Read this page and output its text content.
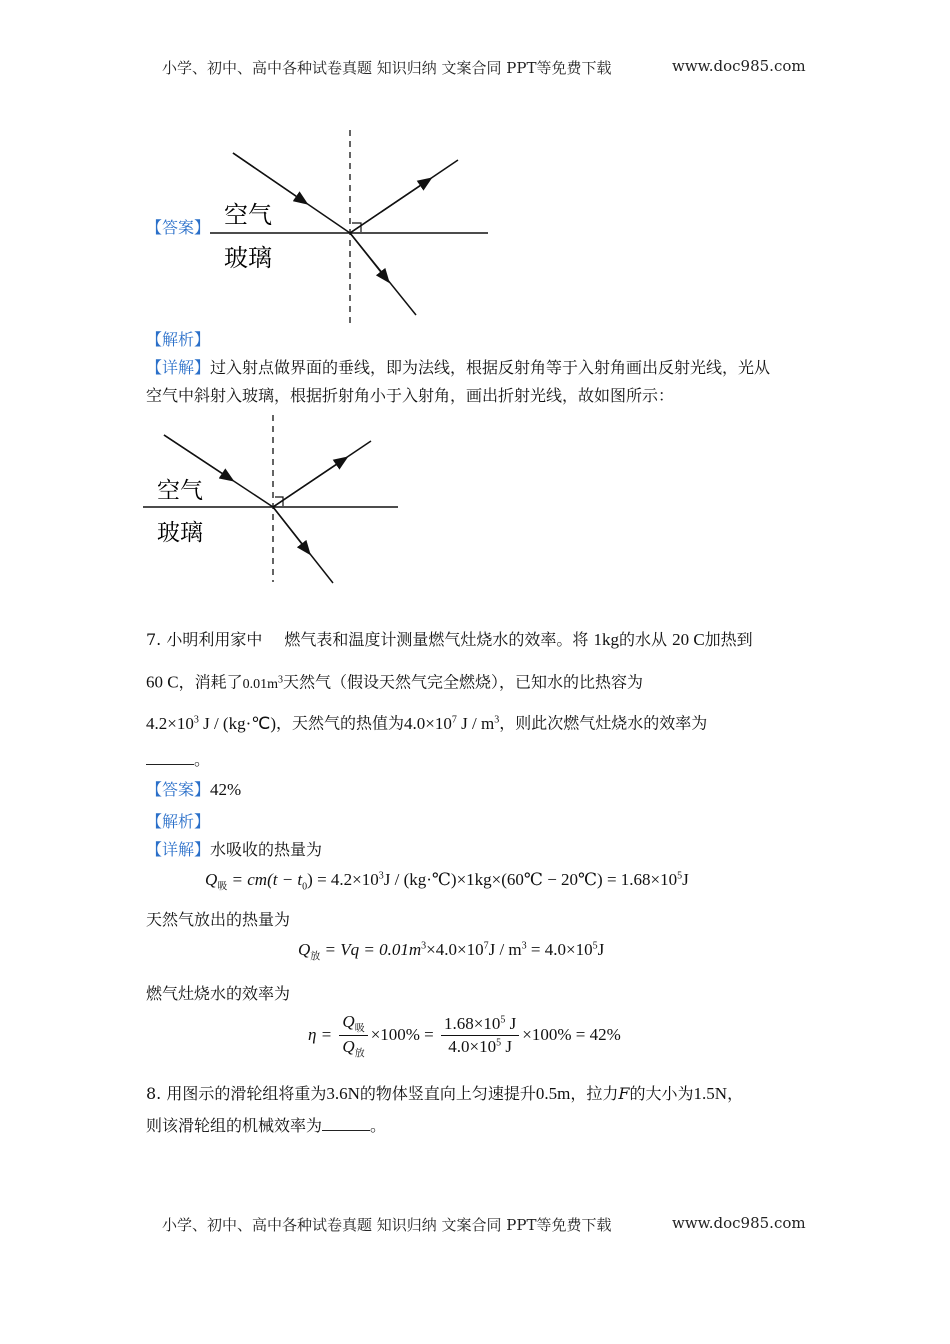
小学、初中、高中各种试卷真题 知识归纳 文案合同 PPT等免费下载	www.doc985.com
【答案】 空气
玻璃
【解析】
【详解】过入射点做界面的垂线，即为法线，根据反射角等于入射角画出反射光线，光从
空气中斜射入玻璃，根据折射角小于入射角，画出折射光线，故如图所示：
空气
玻璃
7. 小明利用家中 燃气表和温度计测量燃气灶烧水的效率。将 1kg的水从 20 C加热到
60 C，消耗了$0.01m^3$天然气（假设天然气完全燃烧），已知水的比热容为
$4.2\times 10^3$ J / (kg·℃)，天然气的热值为$4.0\times 10^7$ J / $m^3$，则此次燃气灶烧水的效率为
。
【答案】42%
【解析】
【详解】水吸收的热量为
$Q_吸 = cm(t - t_0) = 4.2\times 10^3J$ / (kg·℃)×1kg×(60℃ − 20℃) = $1.68\times 10^5J$
天然气放出的热量为
$Q_放 = Vq = 0.01m^3\times 4.0\times 10^7J / m^3 = 4.0\times 10^5J$
燃气灶烧水的效率为
$\eta = \frac{Q_吸}{Q_放} \times 100\% = \frac{1.68\times 10^5 J}{4.0\times 10^5 J} \times 100\% = 42\%$
8. 用图示的滑轮组将重为3.6N的物体竖直向上匀速提升0.5m，拉力F的大小为1.5N，
则该滑轮组的机械效率为	。
小学、初中、高中各种试卷真题 知识归纳 文案合同 PPT等免费下载	www.doc985.com
